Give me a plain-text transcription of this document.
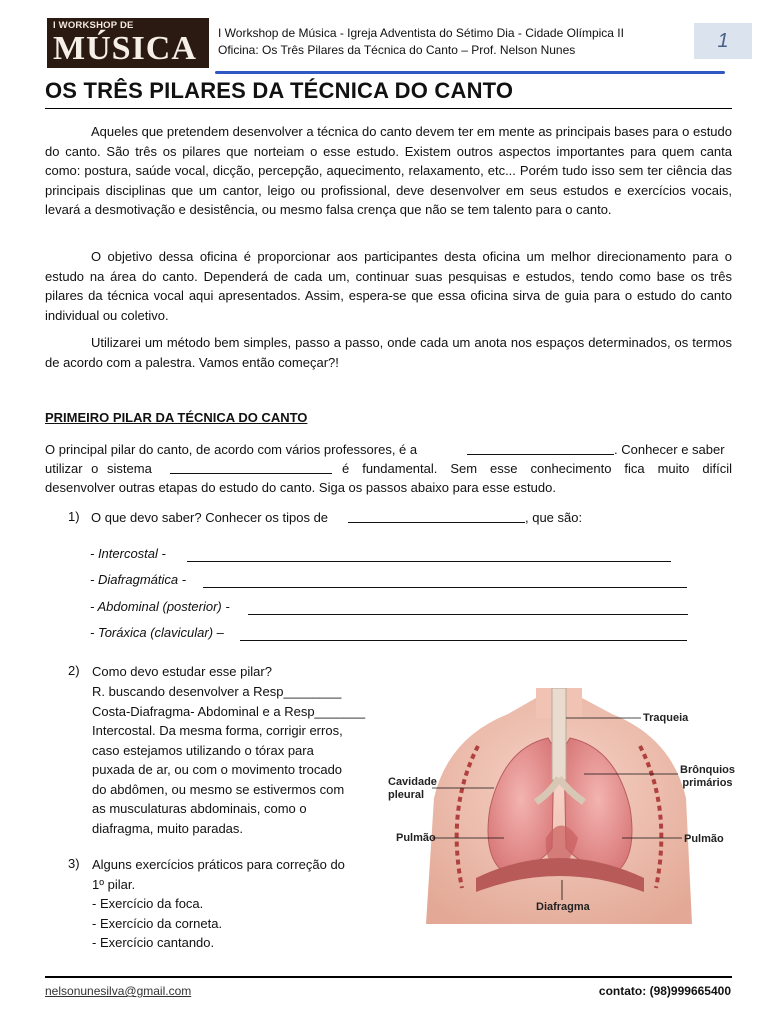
I WORKSHOP DE
MÚSICA I Workshop de Música - Igreja Adventista do Sétimo Dia - Cidade Olímpica II
Oficina: Os Três Pilares da Técnica do Canto – Prof. Nelson Nunes	1
OS TRÊS PILARES DA TÉCNICA DO CANTO
Aqueles que pretendem desenvolver a técnica do canto devem ter em mente as principais bases para o estudo do canto. São três os pilares que norteiam o esse estudo. Existem outros aspectos importantes para quem canta como: postura, saúde vocal, dicção, percepção, aquecimento, relaxamento, etc... Porém tudo isso sem ter ciência das principais disciplinas que um cantor, leigo ou profissional, deve desenvolver em seus estudos e exercícios vocais, levará a desmotivação e desistência, ou mesmo falsa crença que não se tem talento para o canto.
O objetivo dessa oficina é proporcionar aos participantes desta oficina um melhor direcionamento para o estudo na área do canto. Dependerá de cada um, continuar suas pesquisas e estudos, tendo como base os três pilares da técnica vocal aqui apresentados. Assim, espera-se que essa oficina sirva de guia para o estudo do canto individual ou coletivo.
Utilizarei um método bem simples, passo a passo, onde cada um anota nos espaços determinados, os termos de acordo com a palestra. Vamos então começar?!
PRIMEIRO PILAR DA TÉCNICA DO CANTO
O principal pilar do canto, de acordo com vários professores, é a	. Conhecer e saber
utilizar o sistema	é fundamental. Sem esse conhecimento fica muito difícil
desenvolver outras etapas do estudo do canto. Siga os passos abaixo para esse estudo.
1) O que devo saber? Conhecer os tipos de	, que são:
- Intercostal -
- Diafragmática -
- Abdominal (posterior) -
- Toráxica (clavicular) –
2) Como devo estudar esse pilar?
R. buscando desenvolver a Resp________
Costa-Diafragma- Abdominal e a Resp_______
Intercostal. Da mesma forma, corrigir erros,
caso estejamos utilizando o tórax para
puxada de ar, ou com o movimento trocado
do abdômen, ou mesmo se estivermos com
as musculaturas abdominais, como o
diafragma, muito paradas.
3) Alguns exercícios práticos para correção do
1º pilar.
- Exercício da foca.
- Exercício da corneta.
- Exercício cantando.
Traqueia
Brônquios
primários
Cavidade
pleural
Pulmão	Pulmão
Diafragma
nelsonunesilva@gmail.com	contato: (98)999665400
